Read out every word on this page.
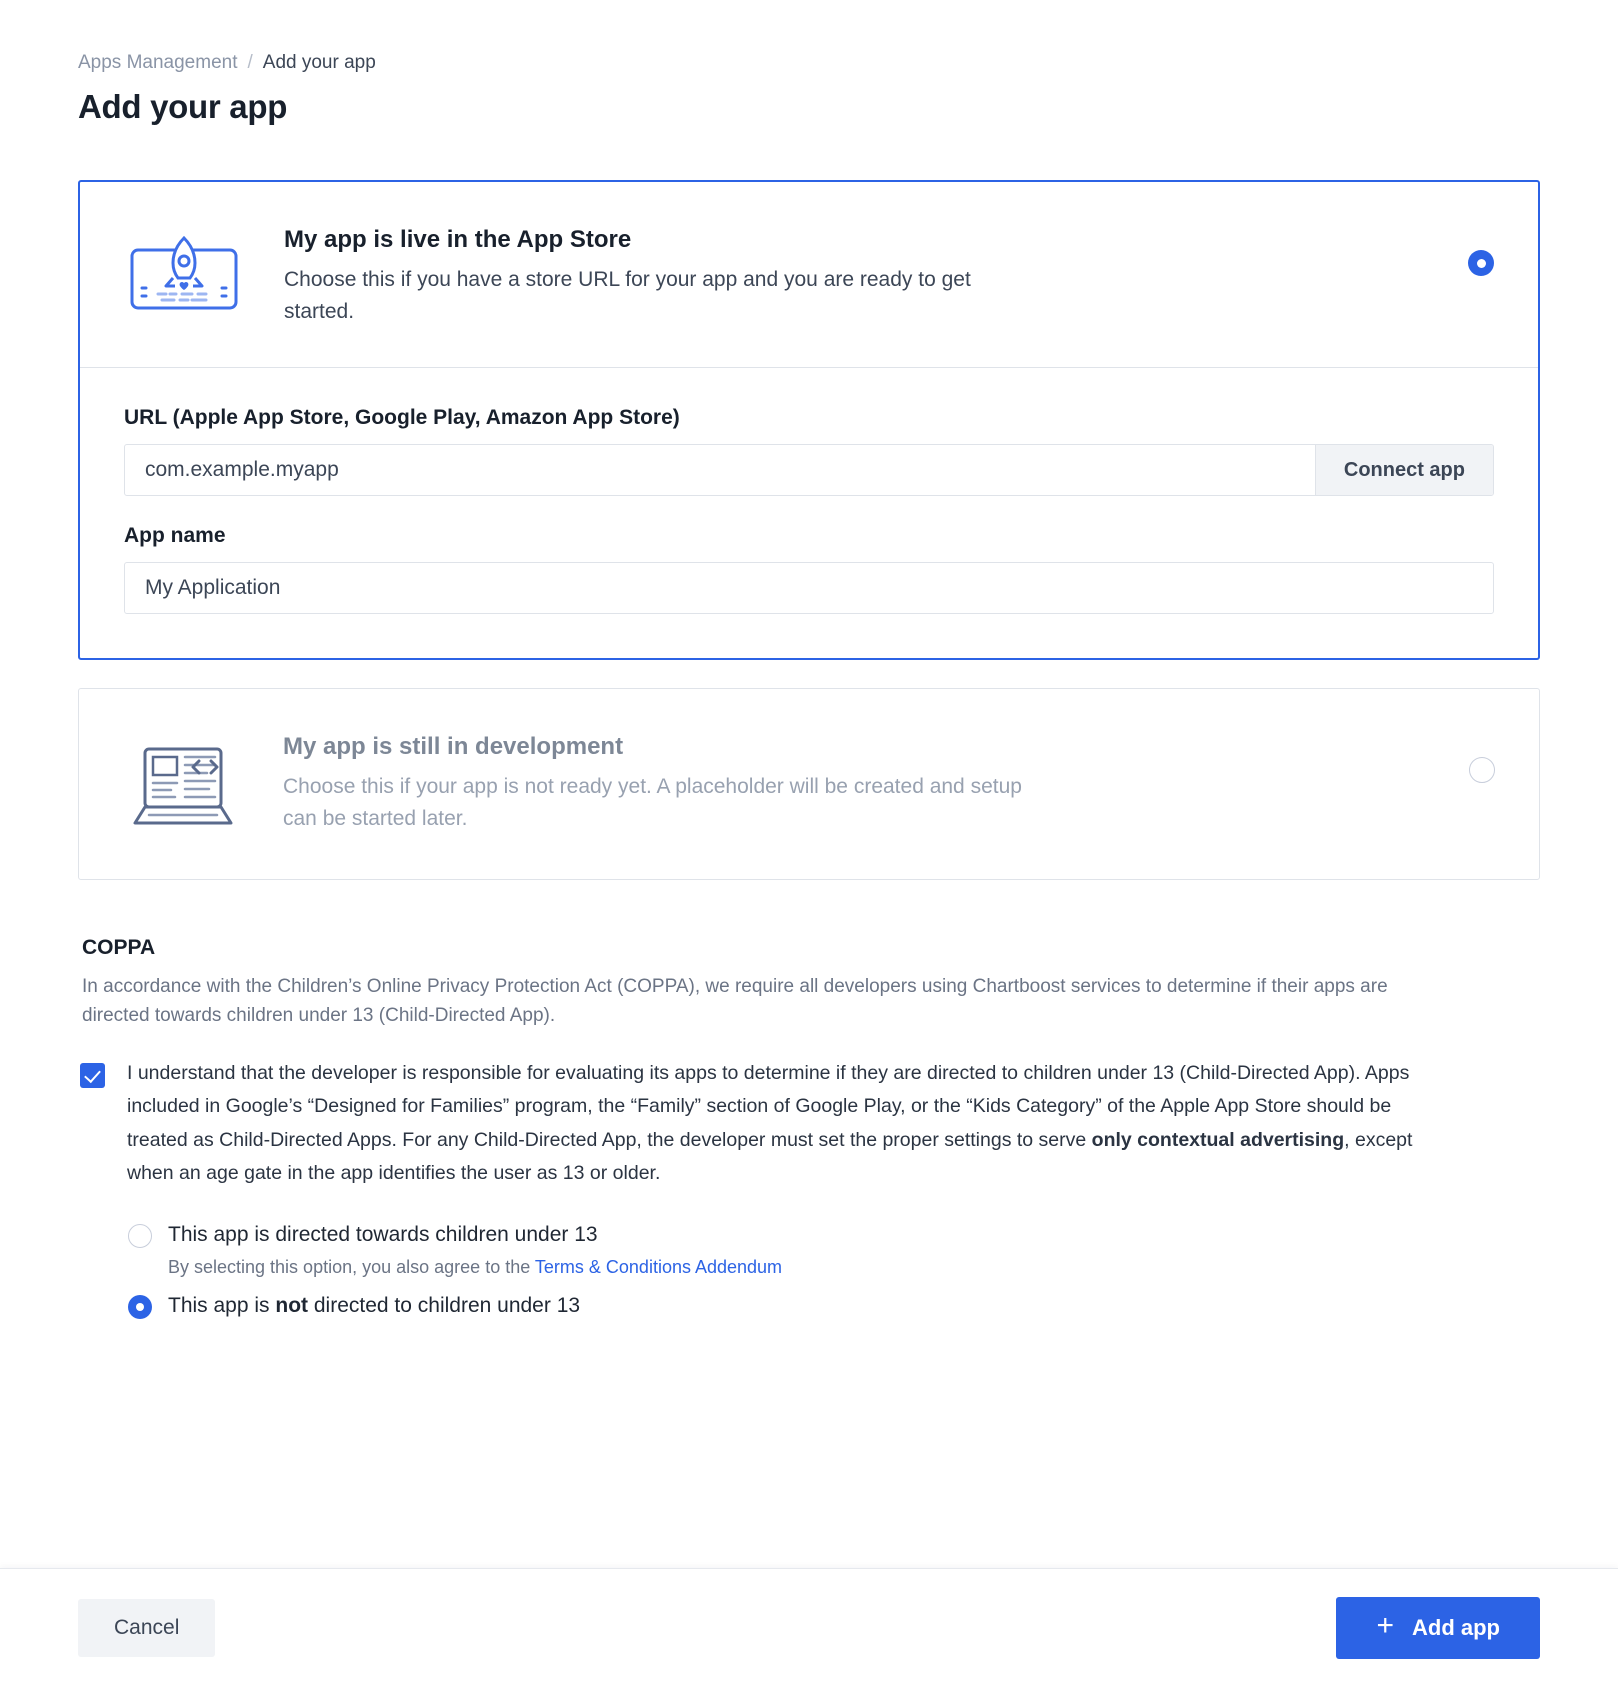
Apps Management / Add your app
Add your app
My app is live in the App Store

Choose this if you have a store URL for your app and you are ready to get started.

URL (Apple App Store, Google Play, Amazon App Store)
com.example.myapp
Connect app
App name
My Application
My app is still in development

Choose this if your app is not ready yet. A placeholder will be created and setup can be started later.

COPPA

In accordance with the Children’s Online Privacy Protection Act (COPPA), we require all developers using Chartboost services to determine if their apps are directed towards children under 13 (Child-Directed App).

I understand that the developer is responsible for evaluating its apps to determine if they are directed to children under 13 (Child-Directed App). Apps included in Google’s “Designed for Families” program, the “Family” section of Google Play, or the “Kids Category” of the Apple App Store should be treated as Child-Directed Apps. For any Child-Directed App, the developer must set the proper settings to serve only contextual advertising, except when an age gate in the app identifies the user as 13 or older.
This app is directed towards children under 13
By selecting this option, you also agree to the Terms & Conditions Addendum
This app is not directed to children under 13
Cancel	+ Add app
